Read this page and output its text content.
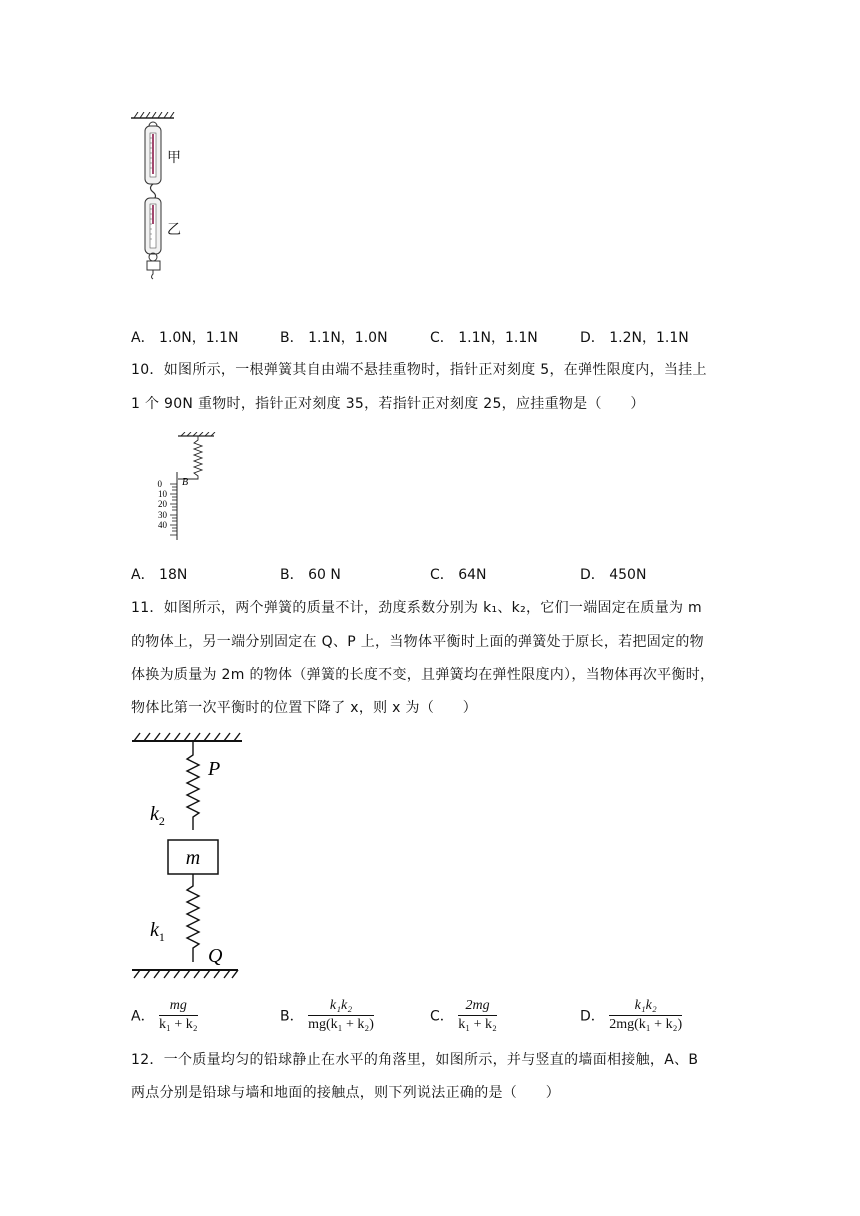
甲
乙
A． 1.0N，1.1N	B． 1.1N，1.0N	C． 1.1N，1.1N	D． 1.2N，1.1N
10．如图所示，一根弹簧其自由端不悬挂重物时，指针正对刻度 5，在弹性限度内，当挂上
1 个 90N 重物时，指针正对刻度 35，若指针正对刻度 25，应挂重物是（　　）
B
0
10
20
30
40
A． 18N	B． 60 N	C． 64N	D． 450N
11．如图所示，两个弹簧的质量不计，劲度系数分别为 k₁、k₂，它们一端固定在质量为 m
的物体上，另一端分别固定在 Q、P 上，当物体平衡时上面的弹簧处于原长，若把固定的物
体换为质量为 2m 的物体（弹簧的长度不变，且弹簧均在弹性限度内），当物体再次平衡时，
物体比第一次平衡时的位置下降了 x，则 x 为（　　）
P
$k_2$
m
$k_1$
Q
A． $\frac{mg}{\text{k₁ + k₂}}$	B． $\frac{\text{k₁k₂}}{\text{mg(k₁ + k₂)}}$	C． $\frac{2mg}{\text{k₁ + k₂}}$	D． $\frac{\text{k₁k₂}}{\text{2mg(k₁ + k₂)}}$
12．一个质量均匀的铅球静止在水平的角落里，如图所示，并与竖直的墙面相接触，A、B
两点分别是铅球与墙和地面的接触点，则下列说法正确的是（　　）
